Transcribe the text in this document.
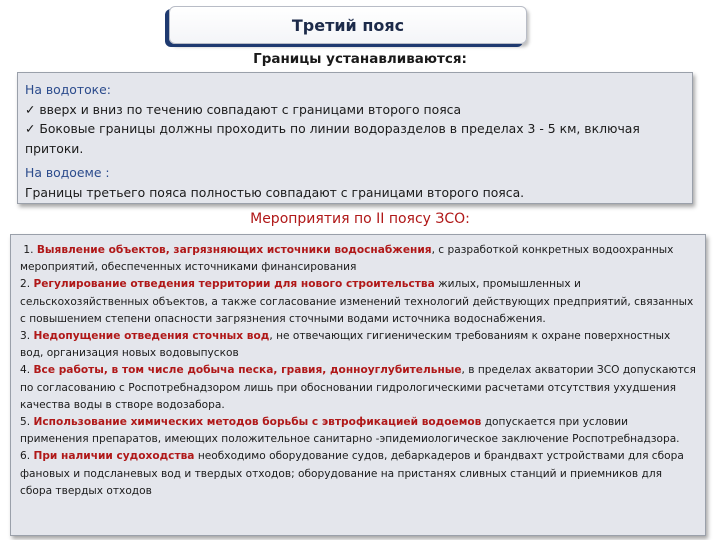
Третий пояс
Границы устанавливаются:
На водотоке:
✓ вверх и вниз по течению совпадают с границами второго пояса
✓ Боковые границы должны проходить по линии водоразделов в пределах 3 - 5 км, включая притоки.
На водоеме :
Границы третьего пояса полностью совпадают с границами второго пояса.
Мероприятия по II поясу ЗСО:
1. Выявление объектов, загрязняющих источники водоснабжения, с разработкой конкретных водоохранных мероприятий, обеспеченных источниками финансирования
2. Регулирование отведения территории для нового строительства жилых, промышленных и сельскохозяйственных объектов, а также согласование изменений технологий действующих предприятий, связанных с повышением степени опасности загрязнения сточными водами источника водоснабжения.
3. Недопущение отведения сточных вод, не отвечающих гигиеническим требованиям к охране поверхностных вод, организация новых водовыпусков
4. Все работы, в том числе добыча песка, гравия, донноуглубительные, в пределах акватории ЗСО допускаются по согласованию с Роспотребнадзором лишь при обосновании гидрологическими расчетами отсутствия ухудшения качества воды в створе водозабора.
5. Использование химических методов борьбы с эвтрофикацией водоемов допускается при условии применения препаратов, имеющих положительное санитарно -эпидемиологическое заключение Роспотребнадзора.
6. При наличии судоходства необходимо оборудование судов, дебаркадеров и брандвахт устройствами для сбора фановых и подсланевых вод и твердых отходов; оборудование на пристанях сливных станций и приемников для сбора твердых отходов
